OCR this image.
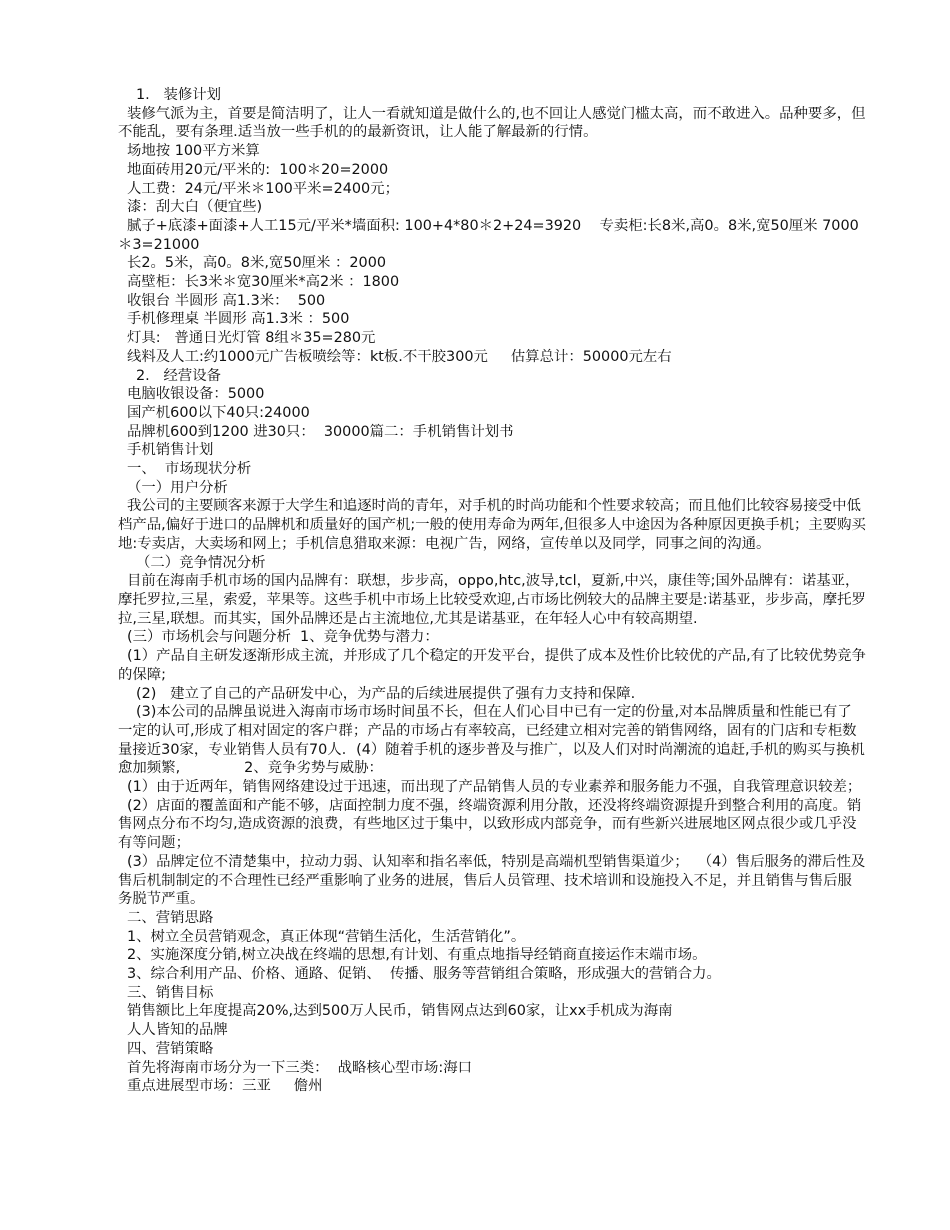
1.   装修计划

装修气派为主，首要是简洁明了，让人一看就知道是做什么的,也不回让人感觉门槛太高，而不敢进入。品种要多，但不能乱，要有条理.适当放一些手机的的最新资讯，让人能了解最新的行情。

场地按 100平方米算

地面砖用20元/平米的:  100＊20=2000

人工费：24元/平米＊100平米=2400元；

漆：刮大白（便宜些)

腻子+底漆+面漆+人工15元/平米*墙面积: 100+4*80＊2+24=3920    专卖柜:长8米,高0。8米,宽50厘米 7000＊3=21000

长2。5米，高0。8米,宽50厘米 ：2000

高壁柜：长3米＊宽30厘米*高2米 ：1800

收银台 半圆形 高1.3米：  500

手机修理桌 半圆形 高1.3米 ：500

灯具:   普通日光灯管 8组＊35=280元

线料及人工:约1000元广告板喷绘等：kt板.不干胶300元     估算总计：50000元左右

2.   经营设备

电脑收银设备：5000

国产机600以下40只:24000

品牌机600到1200 进30只：  30000篇二：手机销售计划书

手机销售计划

一、  市场现状分析

（一）用户分析

我公司的主要顾客来源于大学生和追逐时尚的青年，对手机的时尚功能和个性要求较高；而且他们比较容易接受中低档产品,偏好于进口的品牌机和质量好的国产机;一般的使用寿命为两年,但很多人中途因为各种原因更换手机；主要购买地:专卖店，大卖场和网上；手机信息猎取来源：电视广告，网络，宣传单以及同学，同事之间的沟通。

（二）竞争情况分析

目前在海南手机市场的国内品牌有：联想，步步高，oppo,htc,波导,tcl，夏新,中兴，康佳等;国外品牌有：诺基亚，摩托罗拉,三星，索爱，苹果等。这些手机中市场上比较受欢迎,占市场比例较大的品牌主要是:诺基亚，步步高，摩托罗拉,三星,联想。而其实，国外品牌还是占主流地位,尤其是诺基亚，在年轻人心中有较高期望.

(三）市场机会与问题分析  1、竞争优势与潜力：

(1）产品自主研发逐渐形成主流，并形成了几个稳定的开发平台，提供了成本及性价比较优的产品,有了比较优势竞争的保障;

(2)   建立了自己的产品研发中心，为产品的后续进展提供了强有力支持和保障.

(3)本公司的品牌虽说进入海南市场市场时间虽不长，但在人们心目中已有一定的份量,对本品牌质量和性能已有了一定的认可,形成了相对固定的客户群；产品的市场占有率较高，已经建立相对完善的销售网络，固有的门店和专柜数量接近30家，专业销售人员有70人．(4）随着手机的逐步普及与推广，以及人们对时尚潮流的追赶,手机的购买与换机愈加频繁,              2、竞争劣势与威胁：

(1）由于近两年，销售网络建设过于迅速，而出现了产品销售人员的专业素养和服务能力不强，自我管理意识较差；

(2）店面的覆盖面和产能不够，店面控制力度不强，终端资源利用分散，还没将终端资源提升到整合利用的高度。销售网点分布不均匀,造成资源的浪费，有些地区过于集中，以致形成内部竞争，而有些新兴进展地区网点很少或几乎没有等问题；

(3）品牌定位不清楚集中，拉动力弱、认知率和指名率低，特别是高端机型销售渠道少；  （4）售后服务的滞后性及售后机制制定的不合理性已经严重影响了业务的进展，售后人员管理、技术培训和设施投入不足，并且销售与售后服务脱节严重。

二、营销思路

1、树立全员营销观念，真正体现“营销生活化，生活营销化”。

2、实施深度分销,树立决战在终端的思想,有计划、有重点地指导经销商直接运作末端市场。

3、综合利用产品、价格、通路、促销、  传播、服务等营销组合策略，形成强大的营销合力。

三、销售目标

销售额比上年度提高20%,达到500万人民币，销售网点达到60家，让xx手机成为海南

人人皆知的品牌

四、营销策略

首先将海南市场分为一下三类：  战略核心型市场:海口

重点进展型市场：三亚     儋州
